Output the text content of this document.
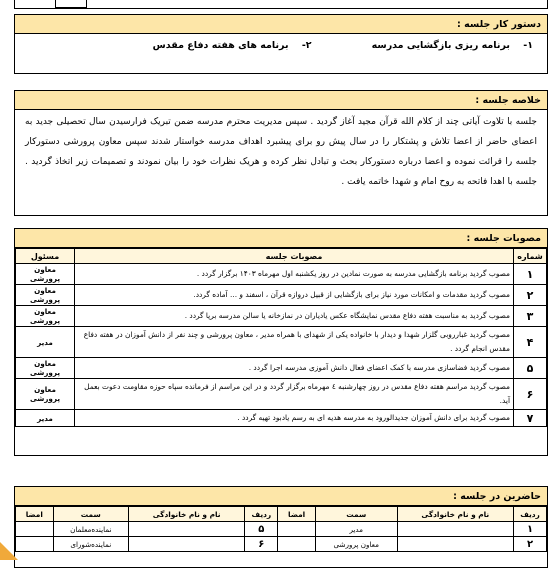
دستور کار جلسه :
۱- برنامه ریزی بازگشایی مدرسه
۲- برنامه های هفته دفاع مقدس
خلاصه جلسه :
جلسه با تلاوت آیاتی چند از کلام الله قرآن مجید آغاز گردید . سپس مدیریت محترم مدرسه ضمن تبریک فرارسیدن سال تحصیلی جدید به اعضای حاضر از اعضا تلاش و پشتکار را در سال پیش رو برای پیشبرد اهداف مدرسه خواستار شدند سپس معاون پرورشی دستورکار جلسه را قرائت نموده و اعضا درباره دستورکار بحث و تبادل نظر کرده و هریک نظرات خود را بیان نمودند و تصمیمات زیر اتخاذ گردید . جلسه با اهدا فاتحه به روح امام و شهدا خاتمه یافت .
مصوبات جلسه :
شماره	مصوبات جلسه	مسئول
۱	مصوب گردید برنامه بازگشایی مدرسه به صورت نمادین در روز یکشنبه اول مهرماه ۱۴۰۳ برگزار گردد .	معاون پرورشی
۲	مصوب گردید مقدمات و امکانات مورد نیاز برای بازگشایی از قبیل دروازه قرآن ، اسفند و ... آماده گردد.	معاون پرورشی
۳	مصوب گردید به مناسبت هفته دفاع مقدس نمایشگاه عکس یادیاران در نمازخانه یا سالن مدرسه برپا گردد .	معاون پرورشی
۴	مصوب گردید غبارروبی گلزار شهدا و دیدار با خانواده یکی از شهدای با همراه مدیر ، معاون پرورشی و چند نفر از دانش آموزان در هفته دفاع مقدس انجام گردد .	مدیر
۵	مصوب گردید فضاسازی مدرسه با کمک اعضای فعال دانش آموزی مدرسه اجرا گردد .	معاون پرورشی
۶	مصوب گردید مراسم هفته دفاع مقدس در روز چهارشنبه ٤ مهرماه برگزار گردد و در این مراسم از فرمانده سپاه حوزه مقاومت دعوت بعمل آید.	معاون پرورشی
۷	مصوب گردید برای دانش آموزان جدیدالورود به مدرسه هدیه ای به رسم یادبود تهیه گردد .	مدیر
حاضرین در جلسه :
ردیف	نام و نام خانوادگی	سمت	امضا	ردیف	نام و نام خانوادگی	سمت	امضا
۱		مدیر		۵		نماینده‌معلمان	
۲		معاون پرورشی		۶		نماینده‌شورای	
